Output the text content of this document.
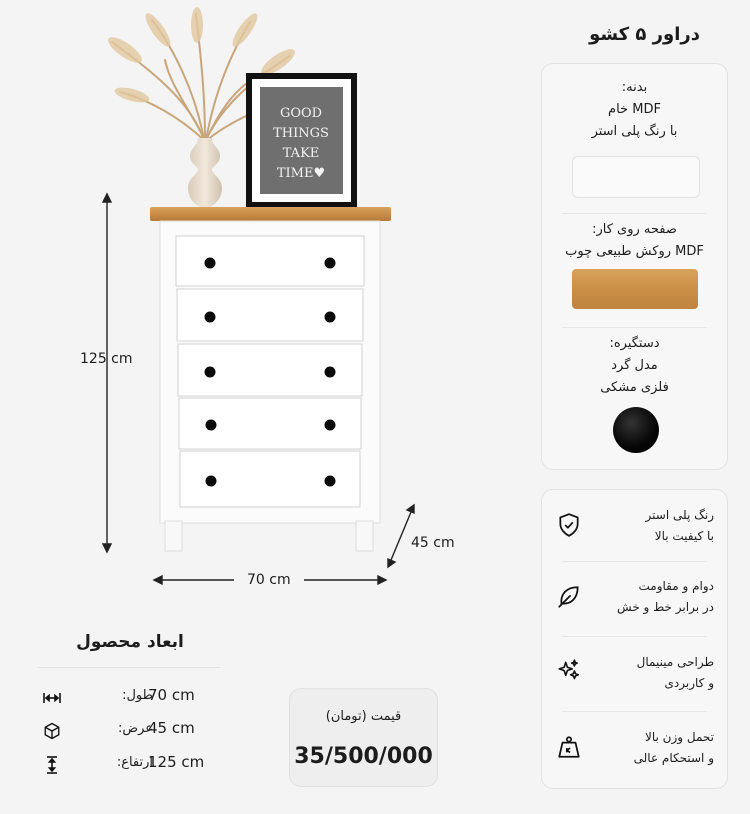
دراور ۵ کشو
GOOD
THINGS
TAKE
TIME♥
125 cm
70 cm
45 cm
بدنه:
MDF خام
با رنگ پلی استر
صفحه روی کار:
MDF روکش طبیعی چوب
دستگیره:
مدل گرد
فلزی مشکی
رنگ پلی استر
با کیفیت بالا
دوام و مقاومت
در برابر خط و خش
طراحی مینیمال
و کاربردی
تحمل وزن بالا
و استحکام عالی
ابعاد محصول
طول:
70 cm
عرض:
45 cm
ارتفاع:
125 cm
قیمت (تومان)
35/500/000
